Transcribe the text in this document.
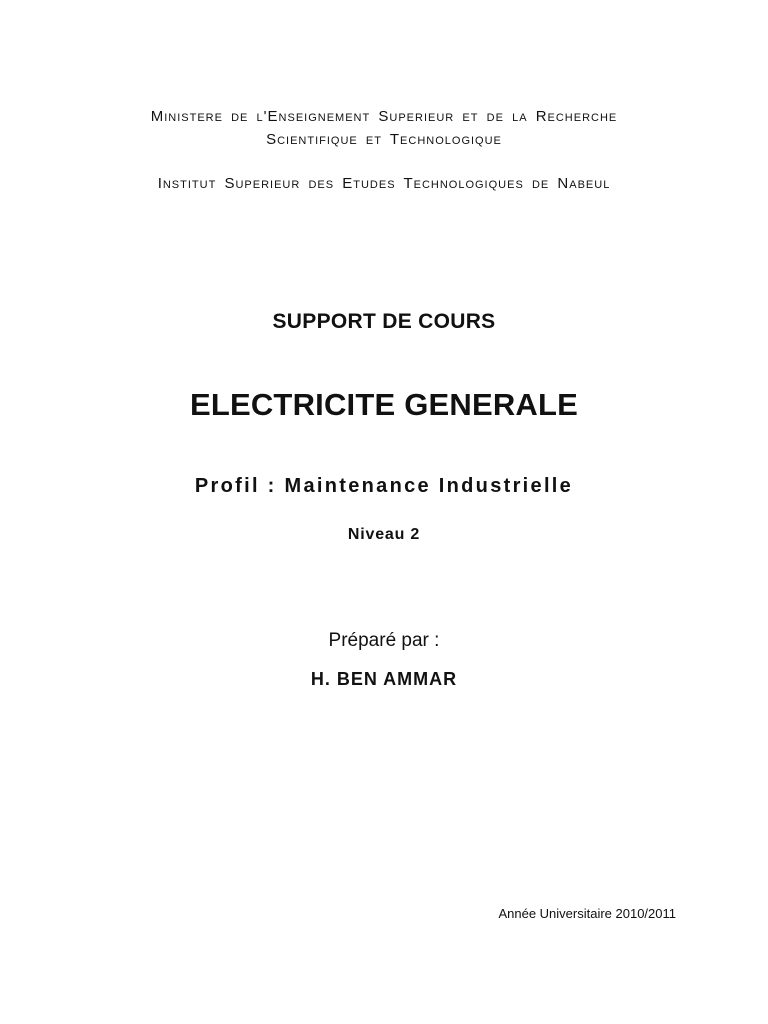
Ministere de l'Enseignement Superieur et de la Recherche
Scientifique et Technologique
Institut Superieur des Etudes Technologiques de Nabeul
SUPPORT DE COURS
ELECTRICITE GENERALE
Profil : Maintenance Industrielle
Niveau 2
Préparé par :
H. BEN AMMAR
Année Universitaire 2010/2011
